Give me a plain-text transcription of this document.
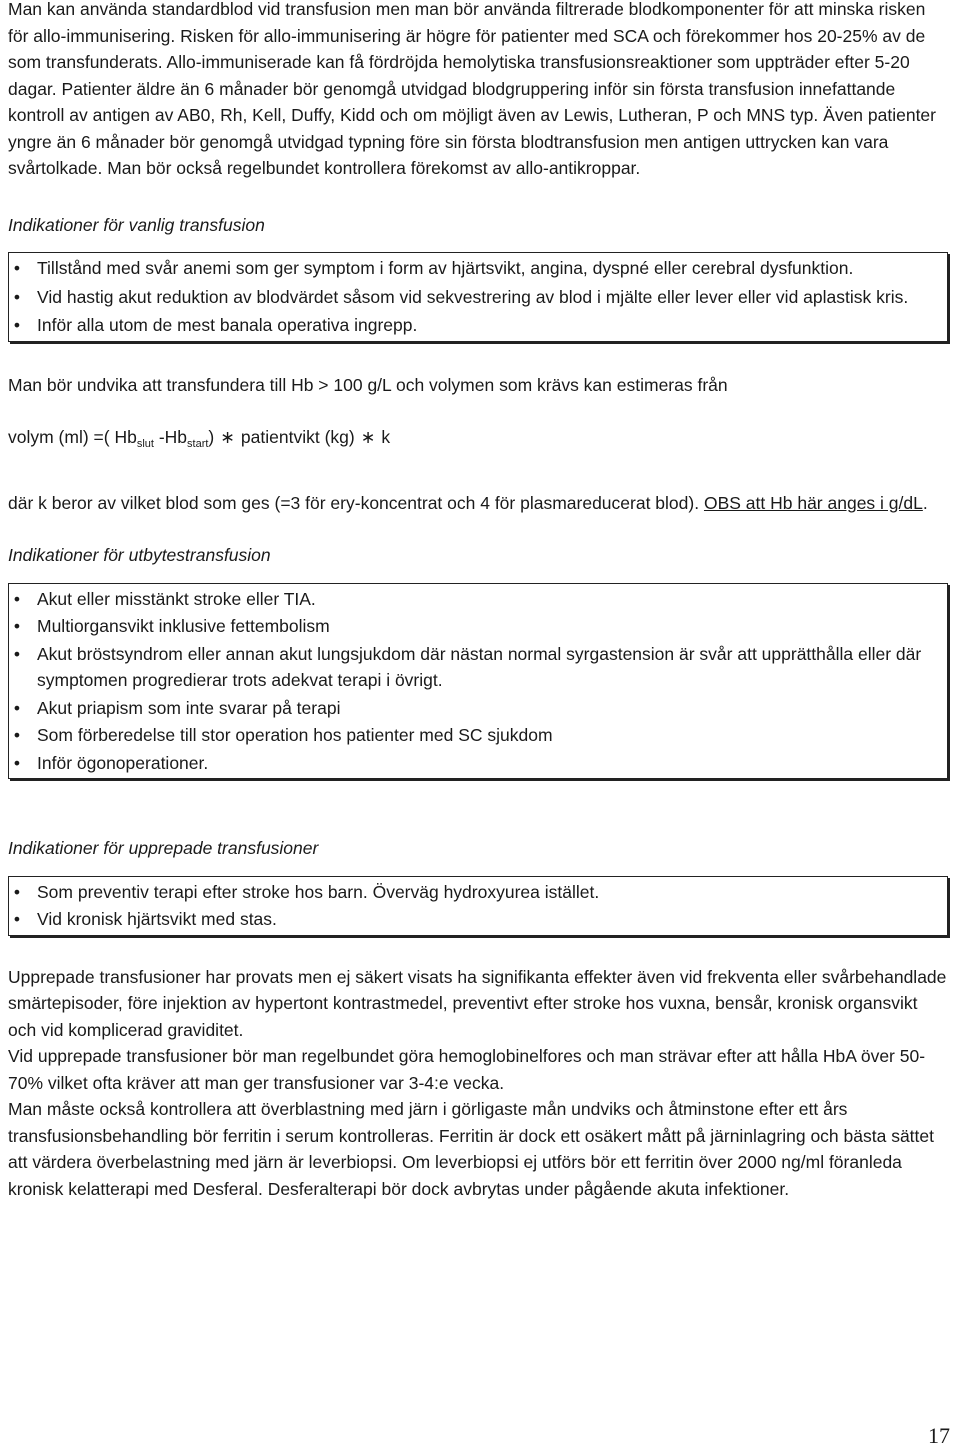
Man kan använda standardblod vid transfusion men man bör använda filtrerade blodkomponenter för att minska risken för allo-immunisering. Risken för allo-immunisering är högre för patienter med SCA och förekommer hos 20-25% av de som transfunderats. Allo-immuniserade kan få fördröjda hemolytiska transfusionsreaktioner som uppträder efter 5-20 dagar. Patienter äldre än 6 månader bör genomgå utvidgad blodgruppering inför sin första transfusion innefattande kontroll av antigen av AB0, Rh, Kell, Duffy, Kidd och om möjligt även av Lewis, Lutheran, P och MNS typ. Även patienter yngre än 6 månader bör genomgå utvidgad typning före sin första blodtransfusion men antigen uttrycken kan vara svårtolkade. Man bör också regelbundet kontrollera förekomst av allo-antikroppar.

Indikationer för vanlig transfusion

• Tillstånd med svår anemi som ger symptom i form av hjärtsvikt, angina, dyspné eller cerebral dysfunktion.
• Vid hastig akut reduktion av blodvärdet såsom vid sekvestrering av blod i mjälte eller lever eller vid aplastisk kris.
• Inför alla utom de mest banala operativa ingrepp.

Man bör undvika att transfundera till Hb > 100 g/L och volymen som krävs kan estimeras från

volym (ml) =( $Hb_{slut}$ $-Hb_{start}$) ∗ patientvikt (kg) ∗ k

där k beror av vilket blod som ges (=3 för ery-koncentrat och 4 för plasmareducerat blod). OBS att Hb här anges i g/dL.

Indikationer för utbytestransfusion

• Akut eller misstänkt stroke eller TIA.
• Multiorgansvikt inklusive fettembolism
• Akut bröstsyndrom eller annan akut lungsjukdom där nästan normal syrgastension är svår att upprätthålla eller där symptomen progredierar trots adekvat terapi i övrigt.
• Akut priapism som inte svarar på terapi
• Som förberedelse till stor operation hos patienter med SC sjukdom
• Inför ögonoperationer.

Indikationer för upprepade transfusioner

• Som preventiv terapi efter stroke hos barn. Överväg hydroxyurea istället.
• Vid kronisk hjärtsvikt med stas.

Upprepade transfusioner har provats men ej säkert visats ha signifikanta effekter även vid frekventa eller svårbehandlade smärtepisoder, före injektion av hypertont kontrastmedel, preventivt efter stroke hos vuxna, bensår, kronisk organsvikt och vid komplicerad graviditet.

Vid upprepade transfusioner bör man regelbundet göra hemoglobinelfores och man strävar efter att hålla HbA över 50-70% vilket ofta kräver att man ger transfusioner var 3-4:e vecka.

Man måste också kontrollera att överblastning med järn i görligaste mån undviks och åtminstone efter ett års transfusionsbehandling bör ferritin i serum kontrolleras. Ferritin är dock ett osäkert mått på järninlagring och bästa sättet att värdera överbelastning med järn är leverbiopsi. Om leverbiopsi ej utförs bör ett ferritin över 2000 ng/ml föranleda kronisk kelatterapi med Desferal. Desferalterapi bör dock avbrytas under pågående akuta infektioner.

17
